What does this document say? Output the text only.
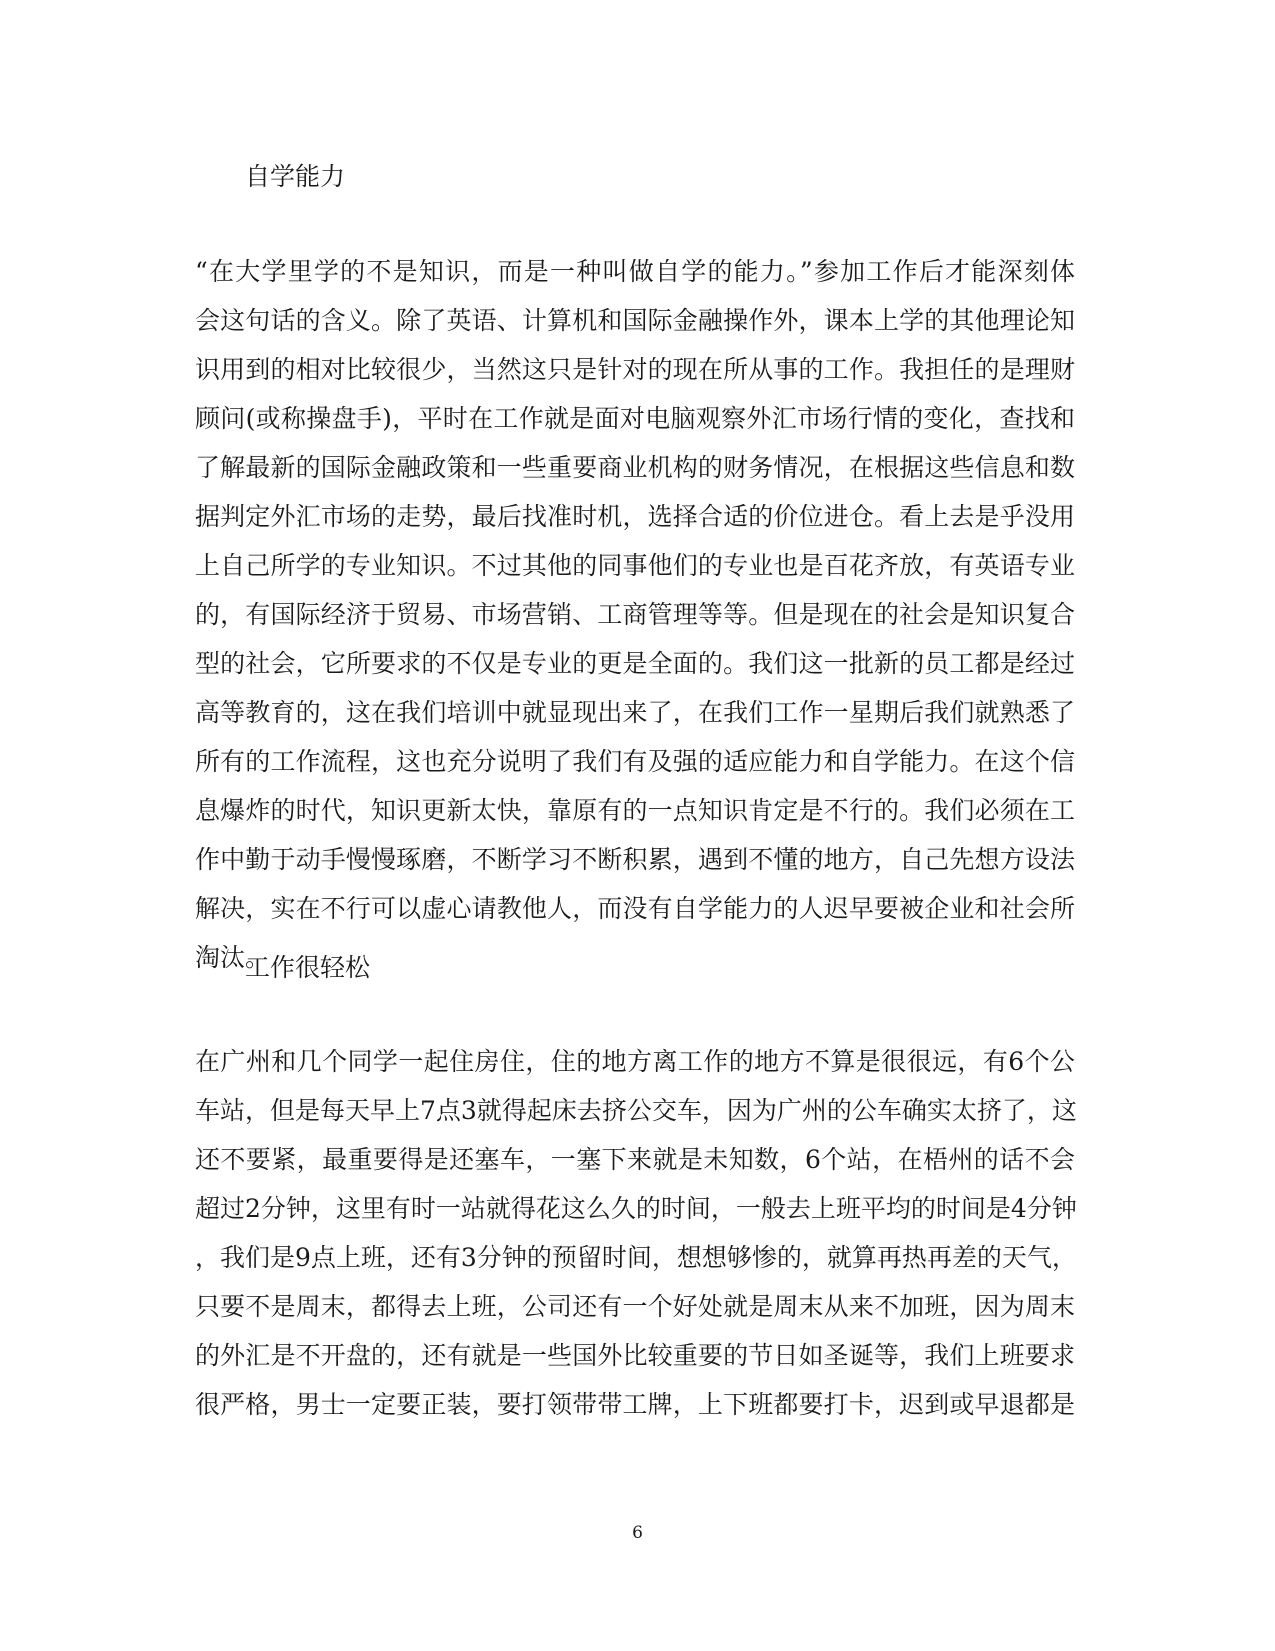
自学能力
“在大学里学的不是知识，而是一种叫做自学的能力。”参加工作后才能深刻体
会这句话的含义。除了英语、计算机和国际金融操作外，课本上学的其他理论知
识用到的相对比较很少，当然这只是针对的现在所从事的工作。我担任的是理财
顾问(或称操盘手)，平时在工作就是面对电脑观察外汇市场行情的变化，查找和
了解最新的国际金融政策和一些重要商业机构的财务情况，在根据这些信息和数
据判定外汇市场的走势，最后找准时机，选择合适的价位进仓。看上去是乎没用
上自己所学的专业知识。不过其他的同事他们的专业也是百花齐放，有英语专业
的，有国际经济于贸易、市场营销、工商管理等等。但是现在的社会是知识复合
型的社会，它所要求的不仅是专业的更是全面的。我们这一批新的员工都是经过
高等教育的，这在我们培训中就显现出来了，在我们工作一星期后我们就熟悉了
所有的工作流程，这也充分说明了我们有及强的适应能力和自学能力。在这个信
息爆炸的时代，知识更新太快，靠原有的一点知识肯定是不行的。我们必须在工
作中勤于动手慢慢琢磨，不断学习不断积累，遇到不懂的地方，自己先想方设法
解决，实在不行可以虚心请教他人，而没有自学能力的人迟早要被企业和社会所
淘汰。
工作很轻松
在广州和几个同学一起住房住，住的地方离工作的地方不算是很很远，有6个公
车站，但是每天早上7点3就得起床去挤公交车，因为广州的公车确实太挤了，这
还不要紧，最重要得是还塞车，一塞下来就是未知数，6个站，在梧州的话不会
超过2分钟，这里有时一站就得花这么久的时间，一般去上班平均的时间是4分钟
，我们是9点上班，还有3分钟的预留时间，想想够惨的，就算再热再差的天气，
只要不是周末，都得去上班，公司还有一个好处就是周末从来不加班，因为周末
的外汇是不开盘的，还有就是一些国外比较重要的节日如圣诞等，我们上班要求
很严格，男士一定要正装，要打领带带工牌，上下班都要打卡，迟到或早退都是
6
